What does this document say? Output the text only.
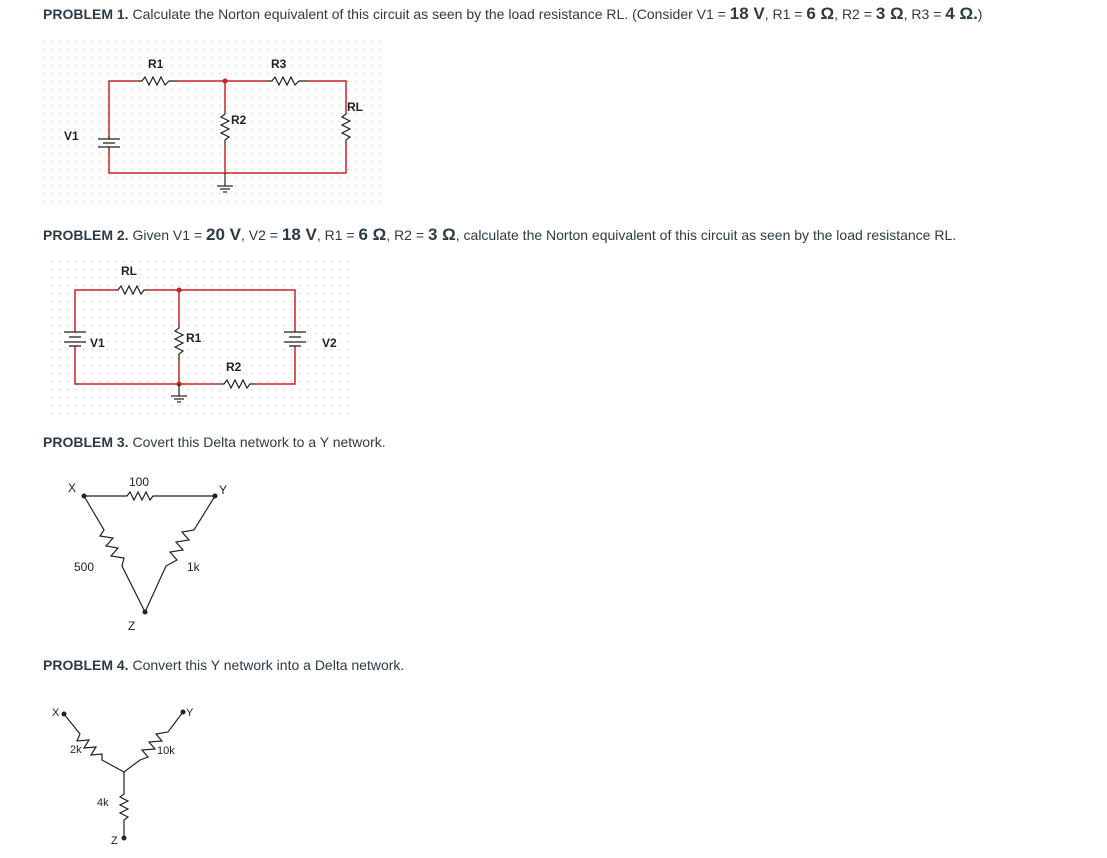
PROBLEM 1. Calculate the Norton equivalent of this circuit as seen by the load resistance RL. (Consider V1 = 18 V, R1 = 6 Ω, R2 = 3 Ω, R3 = 4 Ω.)
R1	R3
R2
RL
V1
PROBLEM 2. Given V1 = 20 V, V2 = 18 V, R1 = 6 Ω, R2 = 3 Ω, calculate the Norton equivalent of this circuit as seen by the load resistance RL.
RL
R1
R2
V1	V2
PROBLEM 3. Covert this Delta network to a Y network.
X	Y
Z
100
500	1k
PROBLEM 4. Convert this Y network into a Delta network.
X	Y
Z
2k	10k
4k
